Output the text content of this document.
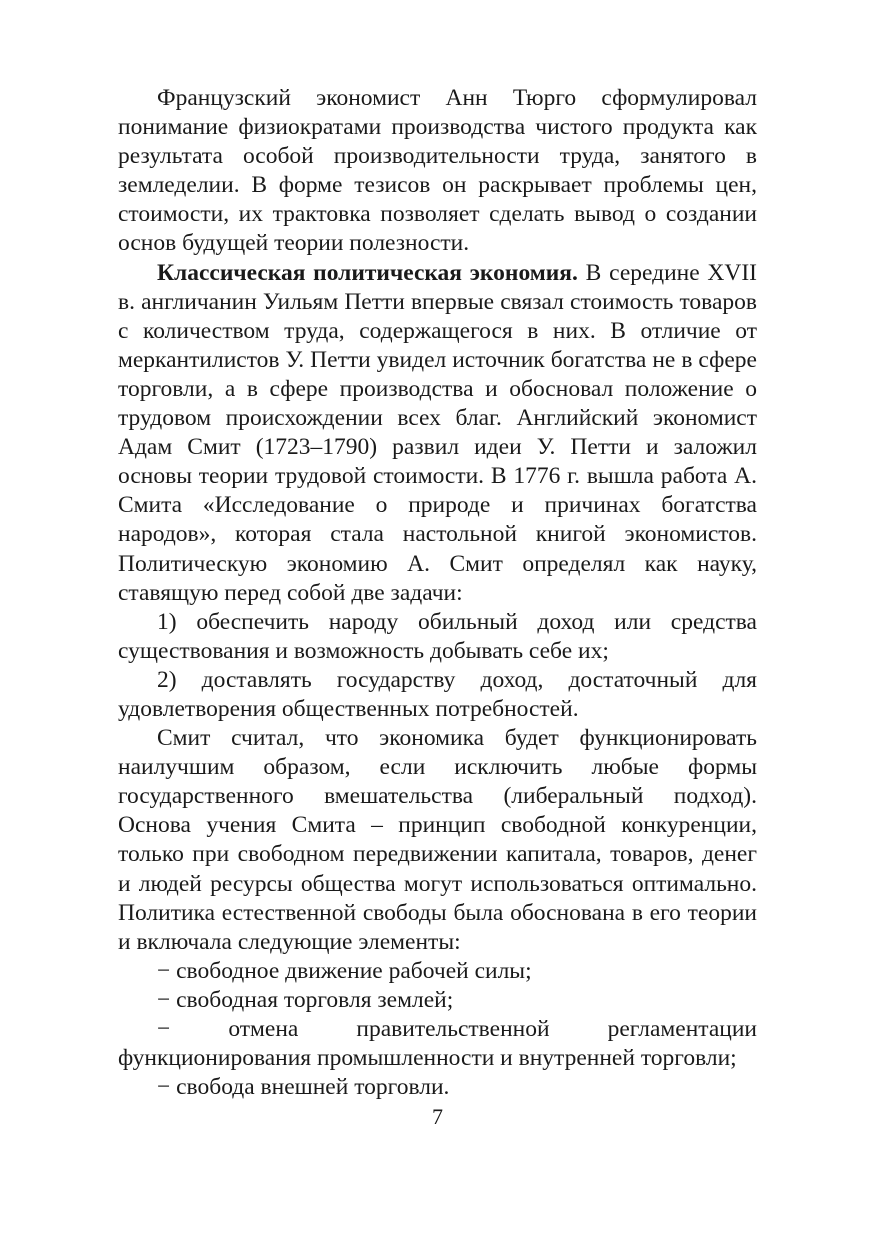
Французский экономист Анн Тюрго сформулировал понимание физиократами производства чистого продукта как результата особой производительности труда, занятого в земледелии. В форме тезисов он раскрывает проблемы цен, стоимости, их трактовка позволяет сделать вывод о создании основ будущей теории полезности.

Классическая политическая экономия. В середине XVII в. англичанин Уильям Петти впервые связал стоимость товаров с количеством труда, содержащегося в них. В отличие от меркантилистов У. Петти увидел источник богатства не в сфере торговли, а в сфере производства и обосновал положение о трудовом происхождении всех благ. Английский экономист Адам Смит (1723–1790) развил идеи У. Петти и заложил основы теории трудовой стоимости. В 1776 г. вышла работа А. Смита «Исследование о природе и причинах богатства народов», которая стала настольной книгой экономистов. Политическую экономию А. Смит определял как науку, ставящую перед собой две задачи:

1) обеспечить народу обильный доход или средства существования и возможность добывать себе их;

2) доставлять государству доход, достаточный для удовлетворения общественных потребностей.

Смит считал, что экономика будет функционировать наилучшим образом, если исключить любые формы государственного вмешательства (либеральный подход). Основа учения Смита – принцип свободной конкуренции, только при свободном передвижении капитала, товаров, денег и людей ресурсы общества могут использоваться оптимально. Политика естественной свободы была обоснована в его теории и включала следующие элементы:

− свободное движение рабочей силы;

− свободная торговля землей;

− отмена правительственной регламентации функционирования промышленности и внутренней торговли;

− свобода внешней торговли.

7
